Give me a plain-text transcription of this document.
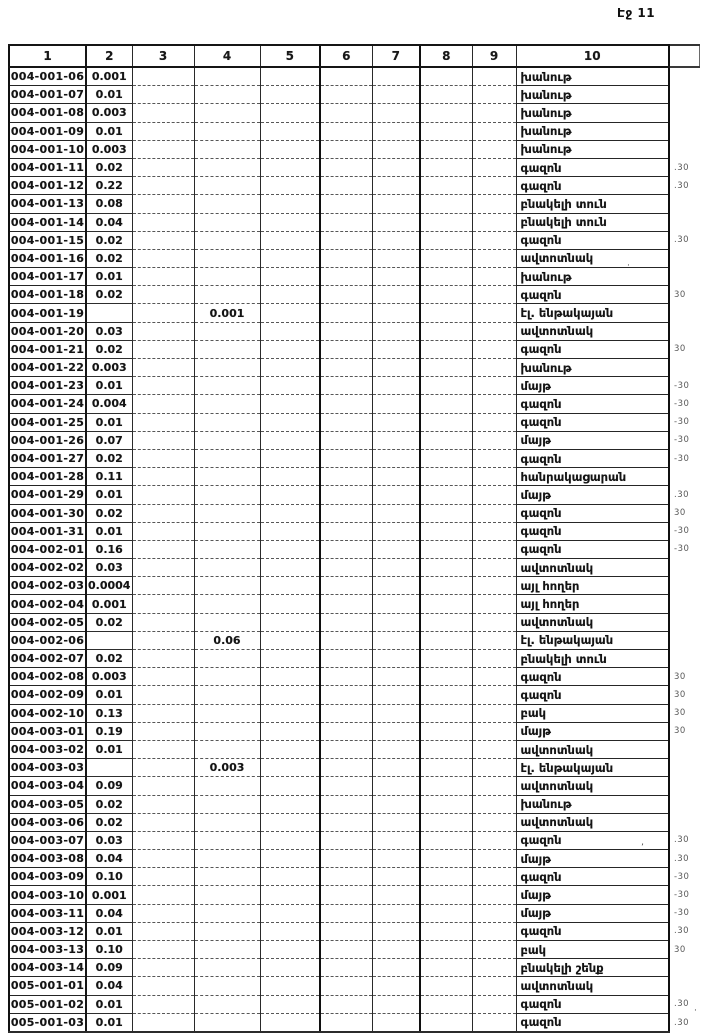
Էջ 11
1	2	3	4	5	6	7	8	9	10	
004-001-06	0.001								խանութ	
004-001-07	0.01								խանութ	
004-001-08	0.003								խանութ	
004-001-09	0.01								խանութ	
004-001-10	0.003								խանութ	
004-001-11	0.02								գազոն	.30
004-001-12	0.22								գազոն	.30
004-001-13	0.08								բնակելի տուն	
004-001-14	0.04								բնակելի տուն	
004-001-15	0.02								գազոն	.30
004-001-16	0.02								ավտոտնակ	
004-001-17	0.01								խանութ	
004-001-18	0.02								գազոն	30
004-001-19			0.001						էլ. ենթակայան	
004-001-20	0.03								ավտոտնակ	
004-001-21	0.02								գազոն	30
004-001-22	0.003								խանութ	
004-001-23	0.01								մայթ	-30
004-001-24	0.004								գազոն	-30
004-001-25	0.01								գազոն	-30
004-001-26	0.07								մայթ	-30
004-001-27	0.02								գազոն	-30
004-001-28	0.11								հանրակացարան	
004-001-29	0.01								մայթ	.30
004-001-30	0.02								գազոն	30
004-001-31	0.01								գազոն	-30
004-002-01	0.16								գազոն	-30
004-002-02	0.03								ավտոտնակ	
004-002-03	0.0004								այլ հողեր	
004-002-04	0.001								այլ հողեր	
004-002-05	0.02								ավտոտնակ	
004-002-06			0.06						էլ. ենթակայան	
004-002-07	0.02								բնակելի տուն	
004-002-08	0.003								գազոն	30
004-002-09	0.01								գազոն	30
004-002-10	0.13								բակ	30
004-003-01	0.19								մայթ	30
004-003-02	0.01								ավտոտնակ	
004-003-03			0.003						էլ. ենթակայան	
004-003-04	0.09								ավտոտնակ	
004-003-05	0.02								խանութ	
004-003-06	0.02								ավտոտնակ	
004-003-07	0.03								գազոն	.30
004-003-08	0.04								մայթ	.30
004-003-09	0.10								գազոն	-30
004-003-10	0.001								մայթ	-30
004-003-11	0.04								մայթ	-30
004-003-12	0.01								գազոն	.30
004-003-13	0.10								բակ	30
004-003-14	0.09								բնակելի շենք	
005-001-01	0.04								ավտոտնակ	
005-001-02	0.01								գազոն	.30
005-001-03	0.01								գազոն	.30
·
ʼ
·
